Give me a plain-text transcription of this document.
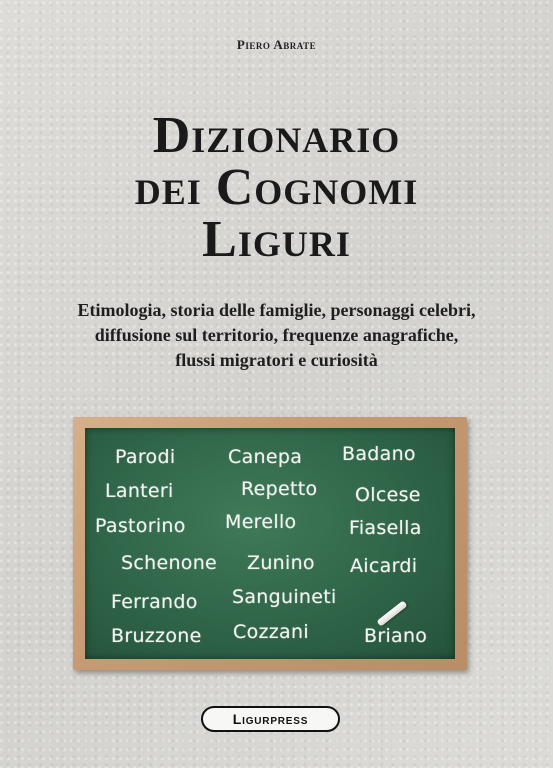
Piero Abrate
Dizionario
dei Cognomi
Liguri
Etimologia, storia delle famiglie, personaggi celebri,
diffusione sul territorio, frequenze anagrafiche,
flussi migratori e curiosità
Parodi	Canepa Badano
Lanteri	Repetto Olcese
Pastorino Merello	Fiasella
Schenone Zunino Aicardi
Ferrando Sanguineti
Bruzzone Cozzani	Briano
Ligurpress
